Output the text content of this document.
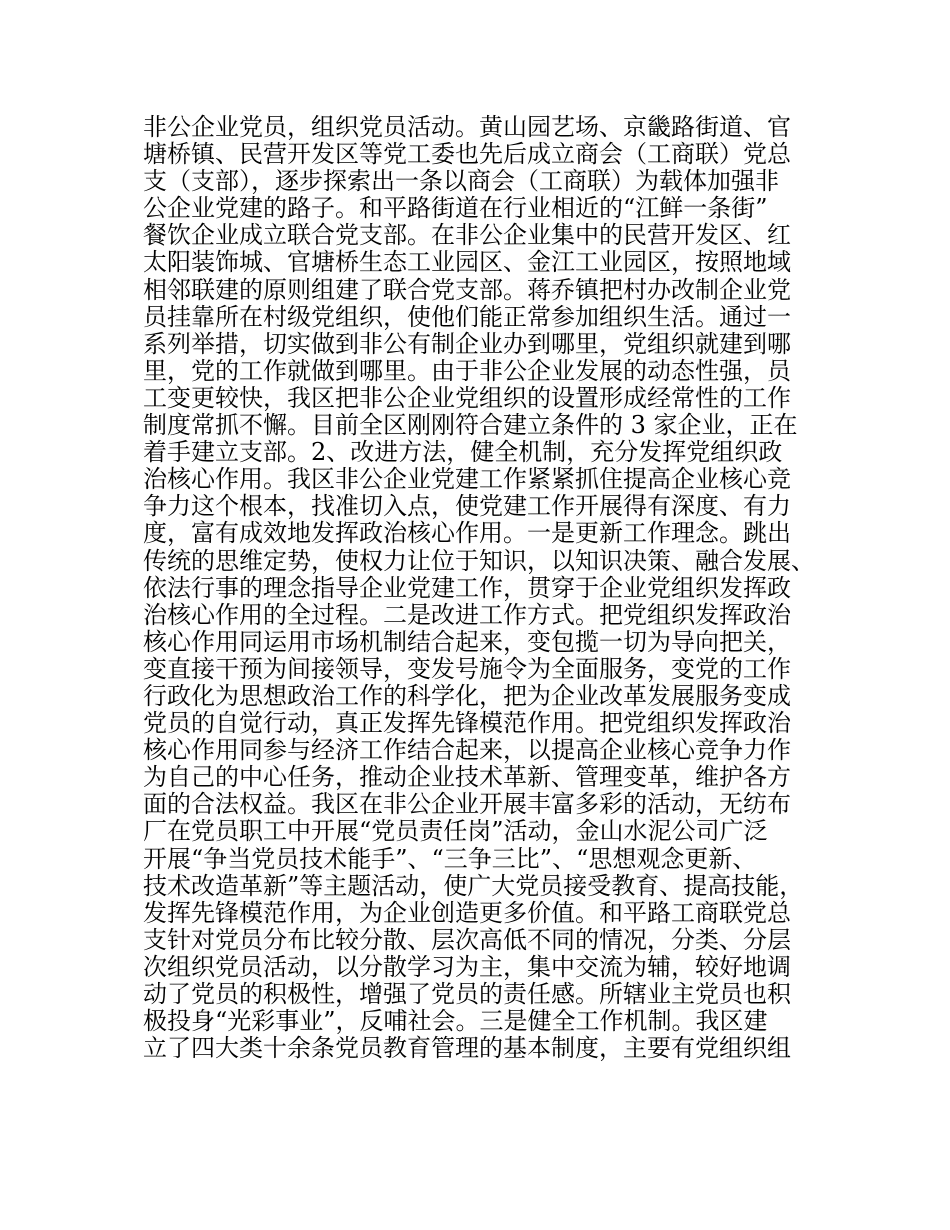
非公企业党员，组织党员活动。黄山园艺场、京畿路街道、官
塘桥镇、民营开发区等党工委也先后成立商会（工商联）党总
支（支部），逐步探索出一条以商会（工商联）为载体加强非
公企业党建的路子。和平路街道在行业相近的“江鲜一条街”
餐饮企业成立联合党支部。在非公企业集中的民营开发区、红
太阳装饰城、官塘桥生态工业园区、金江工业园区，按照地域
相邻联建的原则组建了联合党支部。蒋乔镇把村办改制企业党
员挂靠所在村级党组织，使他们能正常参加组织生活。通过一
系列举措，切实做到非公有制企业办到哪里，党组织就建到哪
里，党的工作就做到哪里。由于非公企业发展的动态性强，员
工变更较快，我区把非公企业党组织的设置形成经常性的工作
制度常抓不懈。目前全区刚刚符合建立条件的 3 家企业，正在
着手建立支部。2、改进方法，健全机制，充分发挥党组织政
治核心作用。我区非公企业党建工作紧紧抓住提高企业核心竞
争力这个根本，找准切入点，使党建工作开展得有深度、有力
度，富有成效地发挥政治核心作用。一是更新工作理念。跳出
传统的思维定势，使权力让位于知识，以知识决策、融合发展、
依法行事的理念指导企业党建工作，贯穿于企业党组织发挥政
治核心作用的全过程。二是改进工作方式。把党组织发挥政治
核心作用同运用市场机制结合起来，变包揽一切为导向把关，
变直接干预为间接领导，变发号施令为全面服务，变党的工作
行政化为思想政治工作的科学化，把为企业改革发展服务变成
党员的自觉行动，真正发挥先锋模范作用。把党组织发挥政治
核心作用同参与经济工作结合起来，以提高企业核心竞争力作
为自己的中心任务，推动企业技术革新、管理变革，维护各方
面的合法权益。我区在非公企业开展丰富多彩的活动，无纺布
厂在党员职工中开展“党员责任岗”活动，金山水泥公司广泛
开展“争当党员技术能手”、“三争三比”、“思想观念更新、
技术改造革新”等主题活动，使广大党员接受教育、提高技能，
发挥先锋模范作用，为企业创造更多价值。和平路工商联党总
支针对党员分布比较分散、层次高低不同的情况，分类、分层
次组织党员活动，以分散学习为主，集中交流为辅，较好地调
动了党员的积极性，增强了党员的责任感。所辖业主党员也积
极投身“光彩事业”，反哺社会。三是健全工作机制。我区建
立了四大类十余条党员教育管理的基本制度，主要有党组织组
